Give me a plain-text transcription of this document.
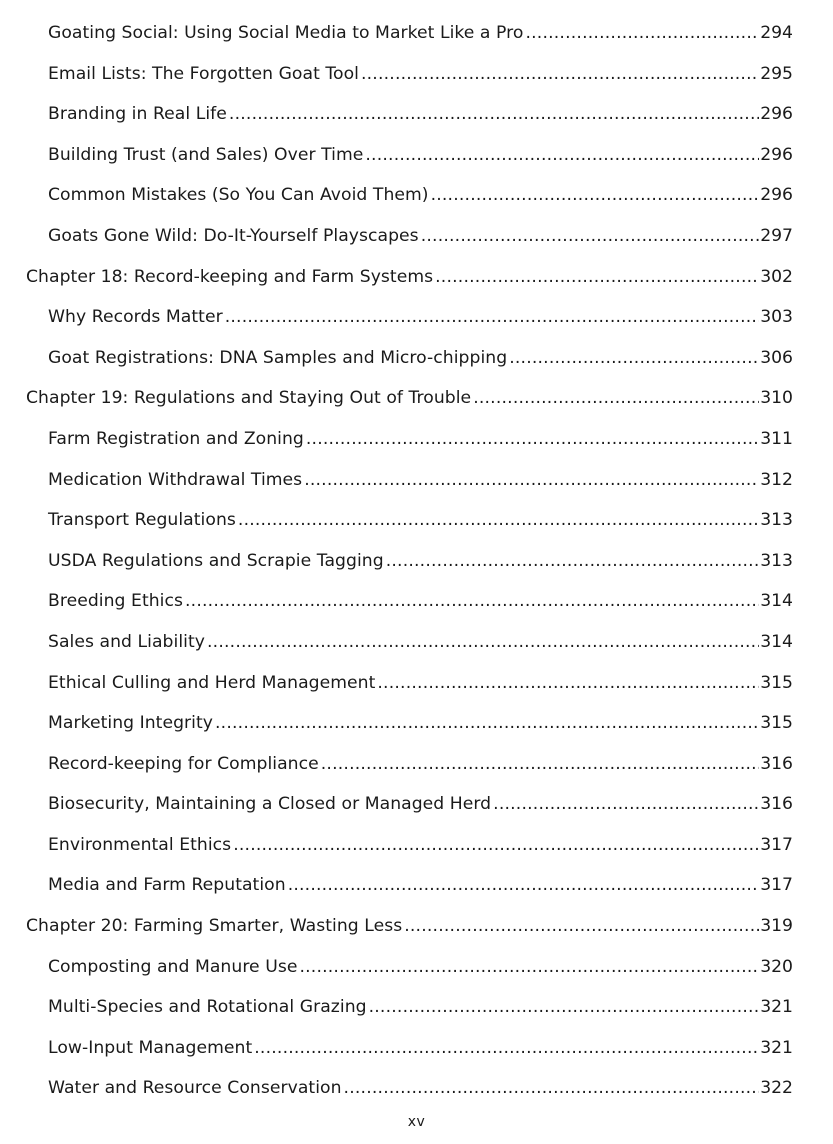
Goating Social: Using Social Media to Market Like a Pro .....	294
Email Lists: The Forgotten Goat Tool .....	295
Branding in Real Life .....	296
Building Trust (and Sales) Over Time .....	296
Common Mistakes (So You Can Avoid Them) .....	296
Goats Gone Wild: Do-It-Yourself Playscapes .....	297
Chapter 18: Record-keeping and Farm Systems .....	302
Why Records Matter .....	303
Goat Registrations: DNA Samples and Micro-chipping .....	306
Chapter 19: Regulations and Staying Out of Trouble .....	310
Farm Registration and Zoning .....	311
Medication Withdrawal Times .....	312
Transport Regulations .....	313
USDA Regulations and Scrapie Tagging .....	313
Breeding Ethics .....	314
Sales and Liability .....	314
Ethical Culling and Herd Management .....	315
Marketing Integrity .....	315
Record-keeping for Compliance .....	316
Biosecurity, Maintaining a Closed or Managed Herd .....	316
Environmental Ethics .....	317
Media and Farm Reputation .....	317
Chapter 20: Farming Smarter, Wasting Less .....	319
Composting and Manure Use .....	320
Multi-Species and Rotational Grazing .....	321
Low-Input Management .....	321
Water and Resource Conservation .....	322
xv
